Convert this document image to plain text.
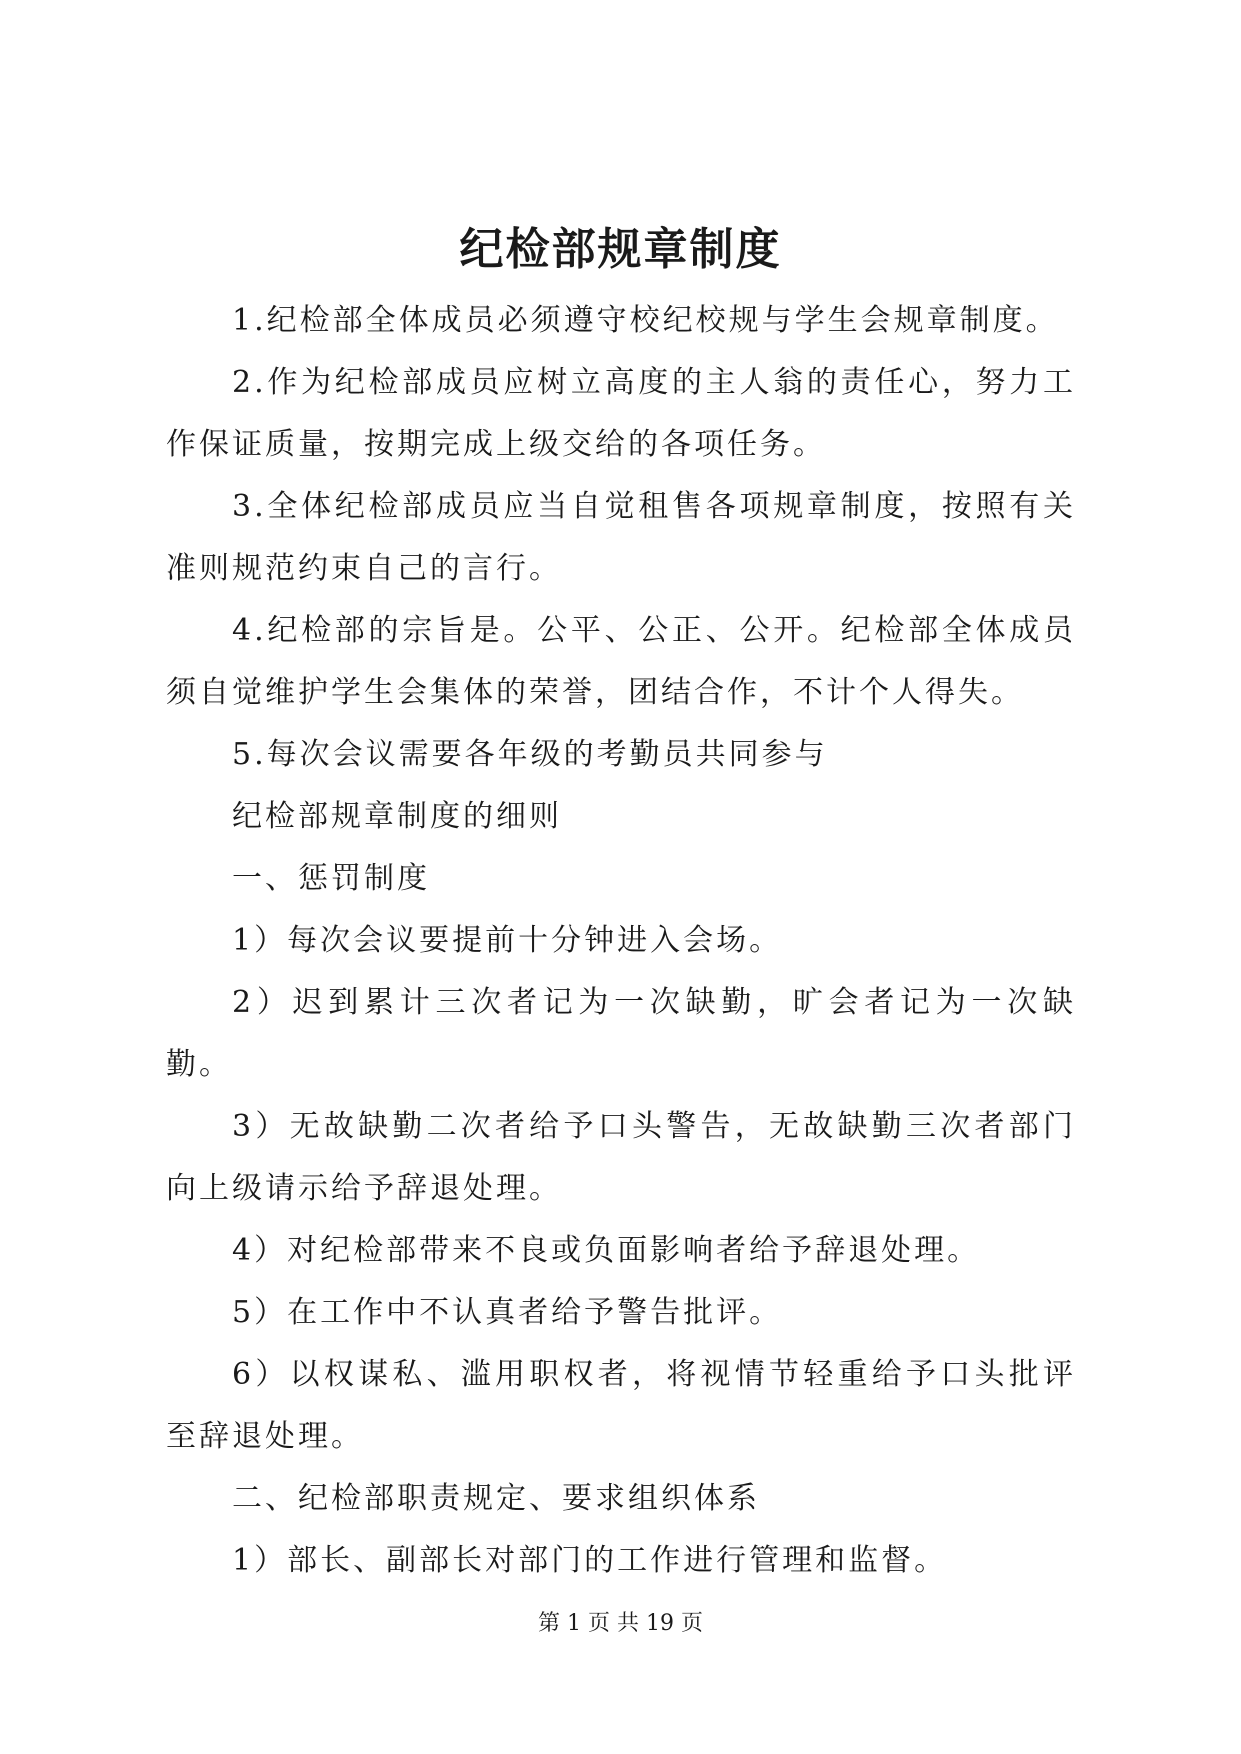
纪检部规章制度

1.纪检部全体成员必须遵守校纪校规与学生会规章制度。

2.作为纪检部成员应树立高度的主人翁的责任心，努力工作保证质量，按期完成上级交给的各项任务。

3.全体纪检部成员应当自觉租售各项规章制度，按照有关准则规范约束自己的言行。

4.纪检部的宗旨是。公平、公正、公开。纪检部全体成员须自觉维护学生会集体的荣誉，团结合作，不计个人得失。

5.每次会议需要各年级的考勤员共同参与

纪检部规章制度的细则

一、惩罚制度

1）每次会议要提前十分钟进入会场。

2）迟到累计三次者记为一次缺勤，旷会者记为一次缺勤。

3）无故缺勤二次者给予口头警告，无故缺勤三次者部门向上级请示给予辞退处理。

4）对纪检部带来不良或负面影响者给予辞退处理。

5）在工作中不认真者给予警告批评。

6）以权谋私、滥用职权者，将视情节轻重给予口头批评至辞退处理。

二、纪检部职责规定、要求组织体系

1）部长、副部长对部门的工作进行管理和监督。

第 1 页 共 19 页
